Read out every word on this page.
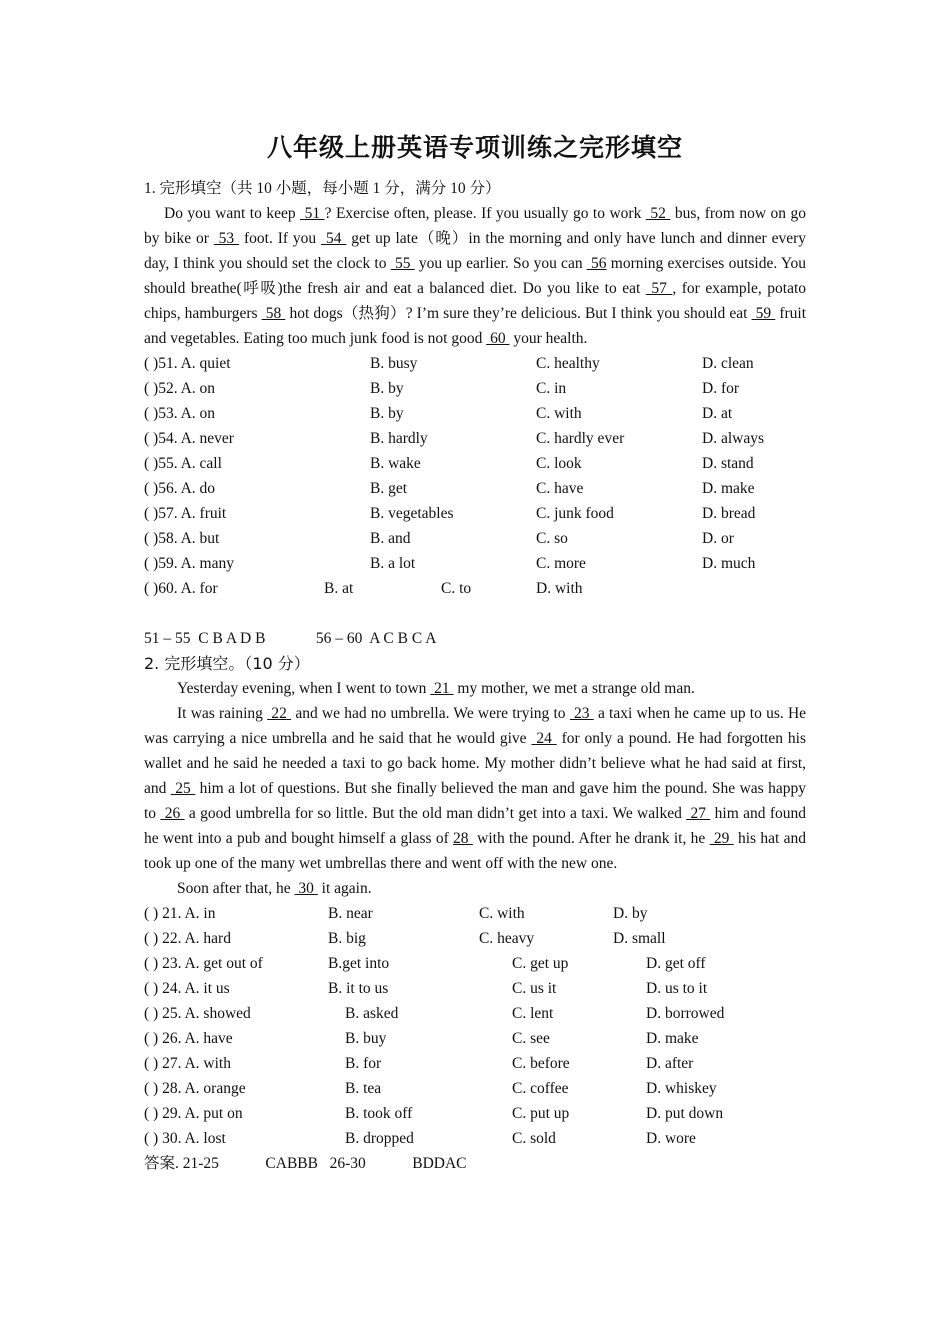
八年级上册英语专项训练之完形填空
1. 完形填空（共 10 小题，每小题 1 分，满分 10 分）

Do you want to keep  51 ? Exercise often, please. If you usually go to work  52  bus, from now on go by bike or  53  foot. If you  54  get up late（晚）in the morning and only have lunch and dinner every day, I think you should set the clock to  55  you up earlier. So you can  56 morning exercises outside. You should breathe(呼吸)the fresh air and eat a balanced diet. Do you like to eat  57 , for example, potato chips, hamburgers  58  hot dogs（热狗）? I’m sure they’re delicious. But I think you should eat  59  fruit and vegetables. Eating too much junk food is not good  60  your health.

( )51. A. quiet	B. busy	C. healthy	D. clean
( )52. A. on	B. by	C. in	D. for
( )53. A. on	B. by	C. with	D. at
( )54. A. never	B. hardly	C. hardly ever	D. always
( )55. A. call	B. wake	C. look	D. stand
( )56. A. do	B. get	C. have	D. make
( )57. A. fruit	B. vegetables	C. junk food	D. bread
( )58. A. but	B. and	C. so	D. or
( )59. A. many	B. a lot	C. more	D. much
( )60. A. for	B. at	C. to	D. with
51 – 55  C B A D B             56 – 60  A C B C A
2. 完形填空。（10 分）

Yesterday evening, when I went to town  21  my mother, we met a strange old man.

It was raining  22  and we had no umbrella. We were trying to  23  a taxi when he came up to us. He was carrying a nice umbrella and he said that he would give  24  for only a pound. He had forgotten his wallet and he said he needed a taxi to go back home. My mother didn’t believe what he had said at first, and  25  him a lot of questions. But she finally believed the man and gave him the pound. She was happy to  26  a good umbrella for so little. But the old man didn’t get into a taxi. We walked  27  him and found he went into a pub and bought himself a glass of 28  with the pound. After he drank it, he  29  his hat and took up one of the many wet umbrellas there and went off with the new one.

Soon after that, he  30  it again.

( ) 21. A. in	B. near	C. with	D. by
( ) 22. A. hard	B. big	C. heavy	D. small
( ) 23. A. get out of	B.get into	C. get up	D. get off
( ) 24. A. it us	B. it to us	C. us it	D. us to it
( ) 25. A. showed	B. asked	C. lent	D. borrowed
( ) 26. A. have	B. buy	C. see	D. make
( ) 27. A. with	B. for	C. before	D. after
( ) 28. A. orange	B. tea	C. coffee	D. whiskey
( ) 29. A. put on	B. took off	C. put up	D. put down
( ) 30. A. lost	B. dropped	C. sold	D. wore
答案. 21-25            CABBB   26-30            BDDAC
